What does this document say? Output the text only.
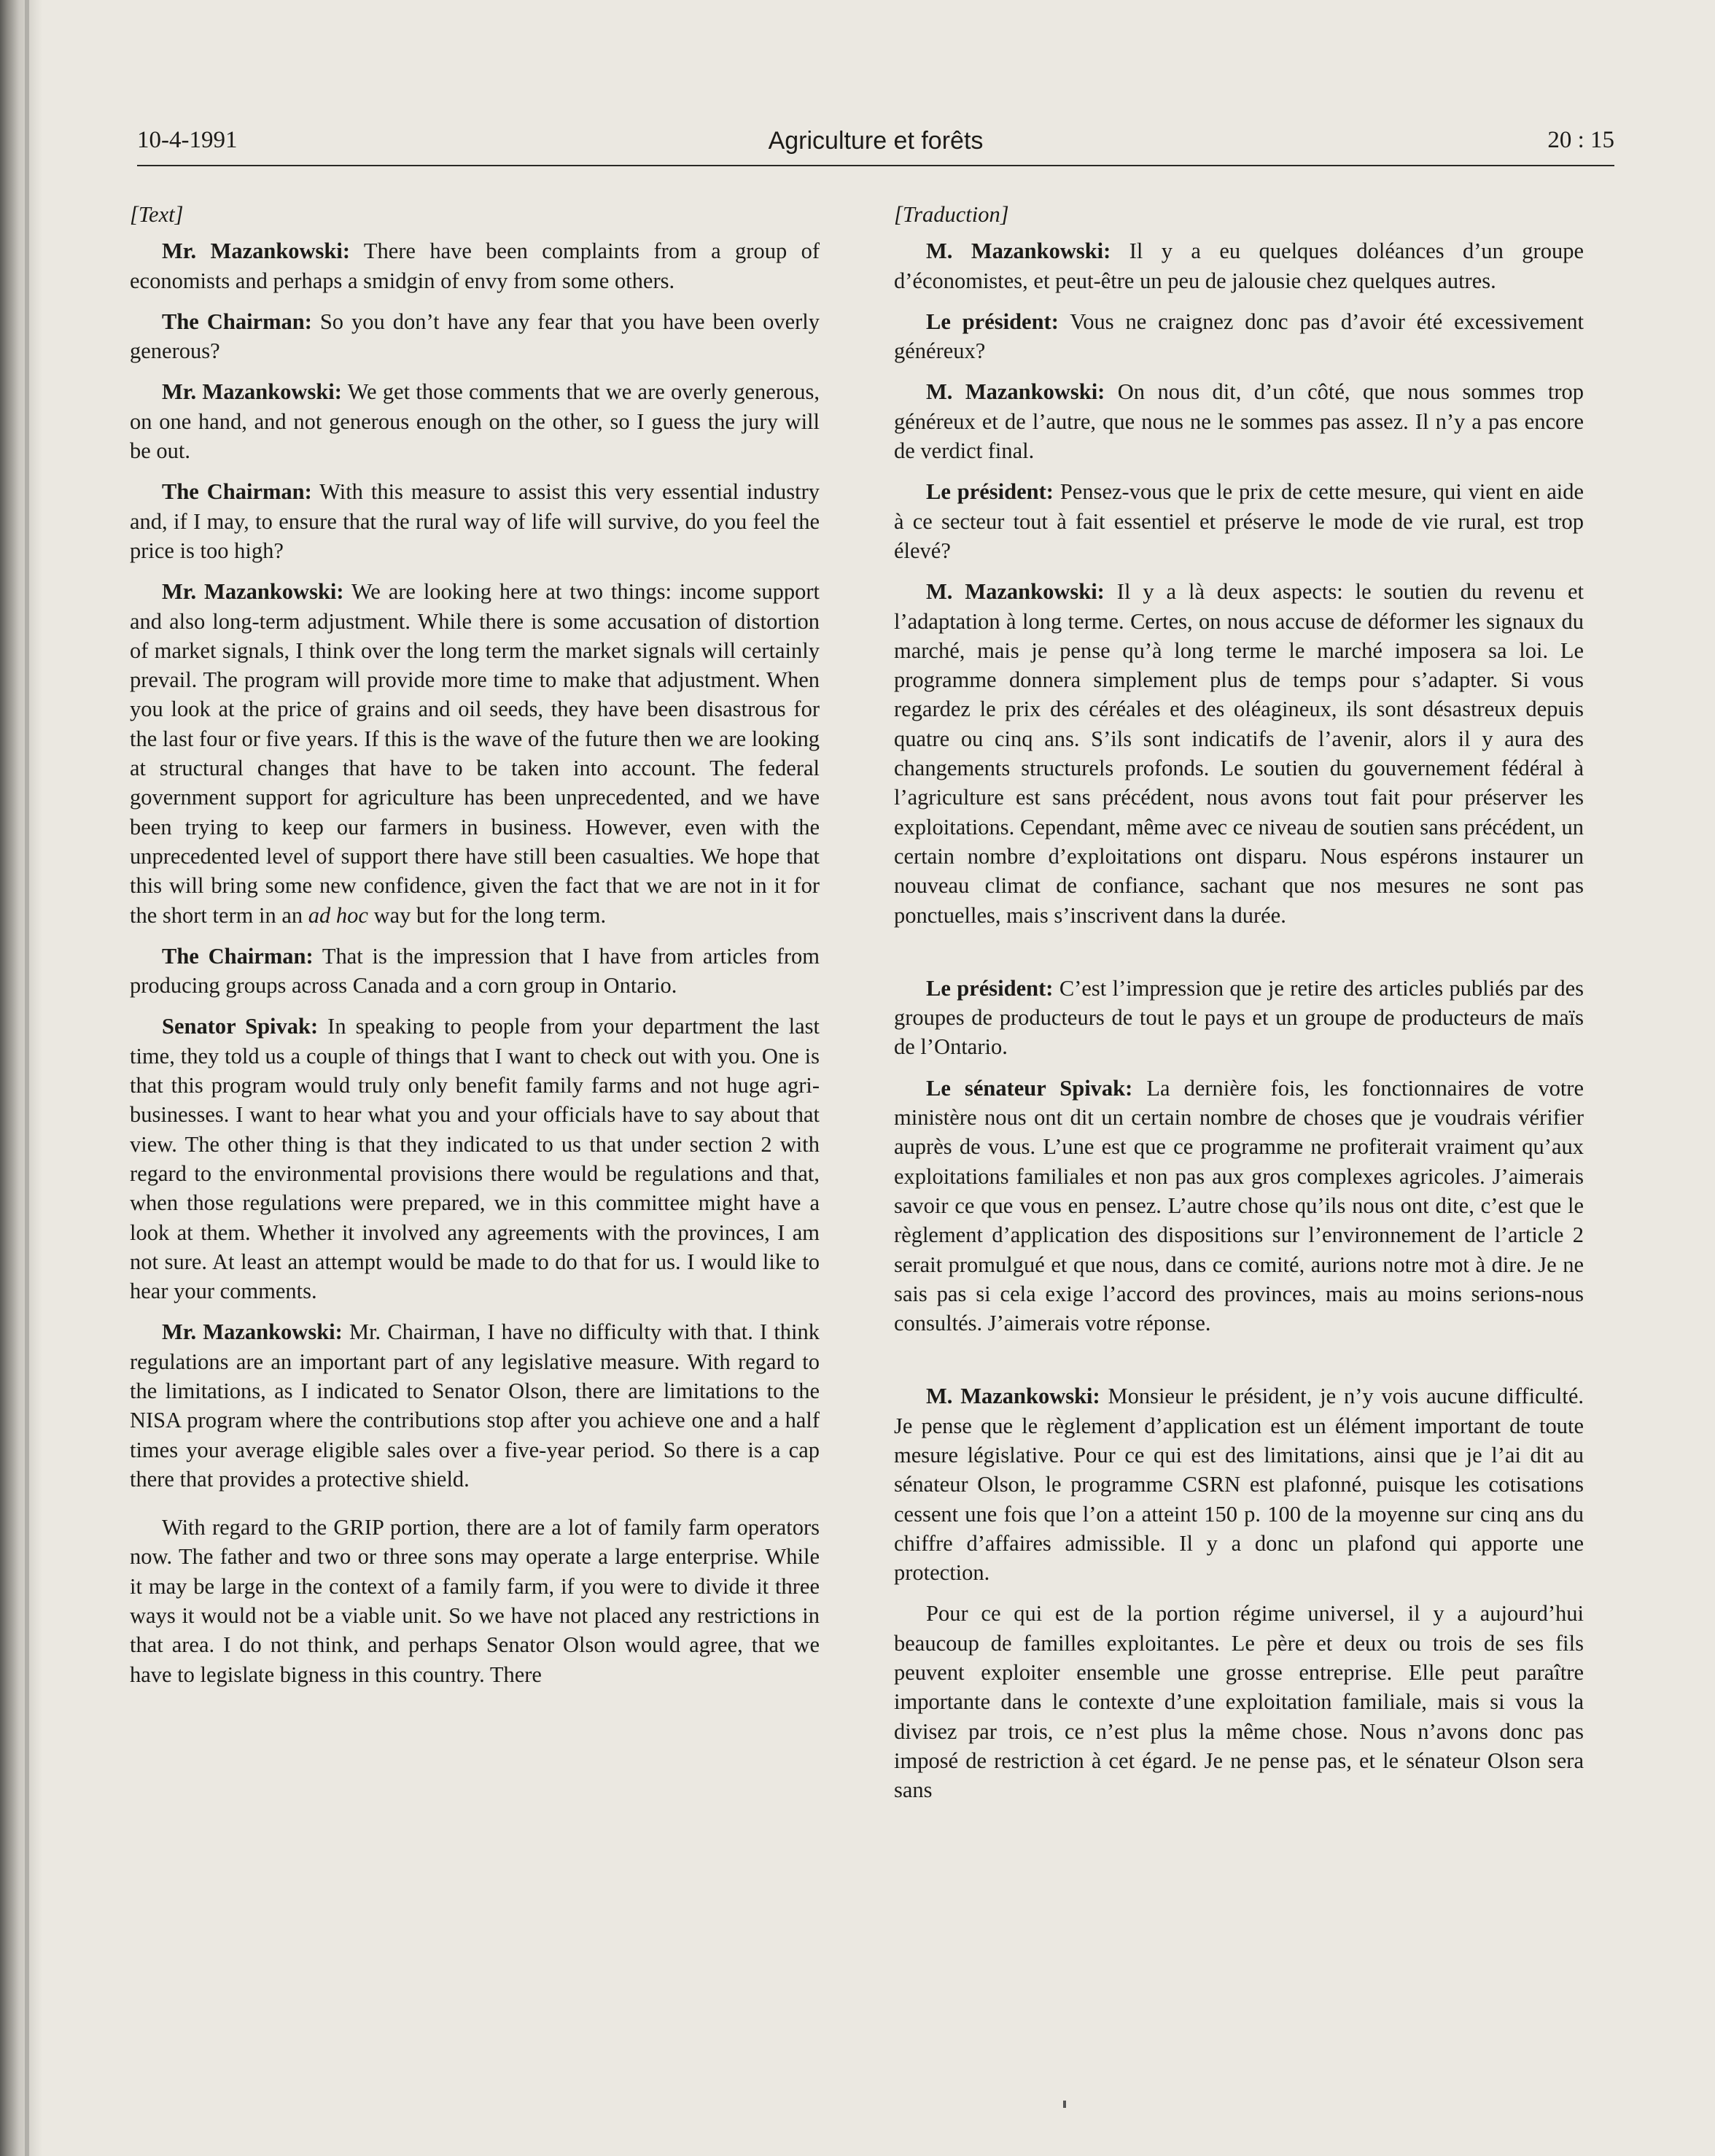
10-4-1991	Agriculture et forêts	20 : 15

[Text]

Mr. Mazankowski: There have been complaints from a group of economists and perhaps a smidgin of envy from some others.

The Chairman: So you don’t have any fear that you have been overly generous?

Mr. Mazankowski: We get those comments that we are overly generous, on one hand, and not generous enough on the other, so I guess the jury will be out.

The Chairman: With this measure to assist this very essential industry and, if I may, to ensure that the rural way of life will survive, do you feel the price is too high?

Mr. Mazankowski: We are looking here at two things: income support and also long-term adjustment. While there is some accusation of distortion of market signals, I think over the long term the market signals will certainly prevail. The program will provide more time to make that adjustment. When you look at the price of grains and oil seeds, they have been disastrous for the last four or five years. If this is the wave of the future then we are looking at structural changes that have to be taken into account. The federal government support for agriculture has been unprecedented, and we have been trying to keep our farmers in business. However, even with the unprecedented level of support there have still been casualties. We hope that this will bring some new confidence, given the fact that we are not in it for the short term in an ad hoc way but for the long term.

The Chairman: That is the impression that I have from articles from producing groups across Canada and a corn group in Ontario.

Senator Spivak: In speaking to people from your department the last time, they told us a couple of things that I want to check out with you. One is that this program would truly only benefit family farms and not huge agri-businesses. I want to hear what you and your officials have to say about that view. The other thing is that they indicated to us that under section 2 with regard to the environmental provisions there would be regulations and that, when those regulations were prepared, we in this committee might have a look at them. Whether it involved any agreements with the provinces, I am not sure. At least an attempt would be made to do that for us. I would like to hear your comments.

Mr. Mazankowski: Mr. Chairman, I have no difficulty with that. I think regulations are an important part of any legislative measure. With regard to the limitations, as I indicated to Senator Olson, there are limitations to the NISA program where the contributions stop after you achieve one and a half times your average eligible sales over a five-year period. So there is a cap there that provides a protective shield.

With regard to the GRIP portion, there are a lot of family farm operators now. The father and two or three sons may operate a large enterprise. While it may be large in the context of a family farm, if you were to divide it three ways it would not be a viable unit. So we have not placed any restrictions in that area. I do not think, and perhaps Senator Olson would agree, that we have to legislate bigness in this country. There

[Traduction]

M. Mazankowski: Il y a eu quelques doléances d’un groupe d’économistes, et peut-être un peu de jalousie chez quelques autres.

Le président: Vous ne craignez donc pas d’avoir été excessivement généreux?

M. Mazankowski: On nous dit, d’un côté, que nous sommes trop généreux et de l’autre, que nous ne le sommes pas assez. Il n’y a pas encore de verdict final.

Le président: Pensez-vous que le prix de cette mesure, qui vient en aide à ce secteur tout à fait essentiel et préserve le mode de vie rural, est trop élevé?

M. Mazankowski: Il y a là deux aspects: le soutien du revenu et l’adaptation à long terme. Certes, on nous accuse de déformer les signaux du marché, mais je pense qu’à long terme le marché imposera sa loi. Le programme donnera simplement plus de temps pour s’adapter. Si vous regardez le prix des céréales et des oléagineux, ils sont désastreux depuis quatre ou cinq ans. S’ils sont indicatifs de l’avenir, alors il y aura des changements structurels profonds. Le soutien du gouvernement fédéral à l’agriculture est sans précédent, nous avons tout fait pour préserver les exploitations. Cependant, même avec ce niveau de soutien sans précédent, un certain nombre d’exploitations ont disparu. Nous espérons instaurer un nouveau climat de confiance, sachant que nos mesures ne sont pas ponctuelles, mais s’inscrivent dans la durée.

Le président: C’est l’impression que je retire des articles publiés par des groupes de producteurs de tout le pays et un groupe de producteurs de maïs de l’Ontario.

Le sénateur Spivak: La dernière fois, les fonctionnaires de votre ministère nous ont dit un certain nombre de choses que je voudrais vérifier auprès de vous. L’une est que ce programme ne profiterait vraiment qu’aux exploitations familiales et non pas aux gros complexes agricoles. J’aimerais savoir ce que vous en pensez. L’autre chose qu’ils nous ont dite, c’est que le règlement d’application des dispositions sur l’environnement de l’article 2 serait promulgué et que nous, dans ce comité, aurions notre mot à dire. Je ne sais pas si cela exige l’accord des provinces, mais au moins serions-nous consultés. J’aimerais votre réponse.

M. Mazankowski: Monsieur le président, je n’y vois aucune difficulté. Je pense que le règlement d’application est un élément important de toute mesure législative. Pour ce qui est des limitations, ainsi que je l’ai dit au sénateur Olson, le programme CSRN est plafonné, puisque les cotisations cessent une fois que l’on a atteint 150 p. 100 de la moyenne sur cinq ans du chiffre d’affaires admissible. Il y a donc un plafond qui apporte une protection.

Pour ce qui est de la portion régime universel, il y a aujourd’hui beaucoup de familles exploitantes. Le père et deux ou trois de ses fils peuvent exploiter ensemble une grosse entreprise. Elle peut paraître importante dans le contexte d’une exploitation familiale, mais si vous la divisez par trois, ce n’est plus la même chose. Nous n’avons donc pas imposé de restriction à cet égard. Je ne pense pas, et le sénateur Olson sera sans
